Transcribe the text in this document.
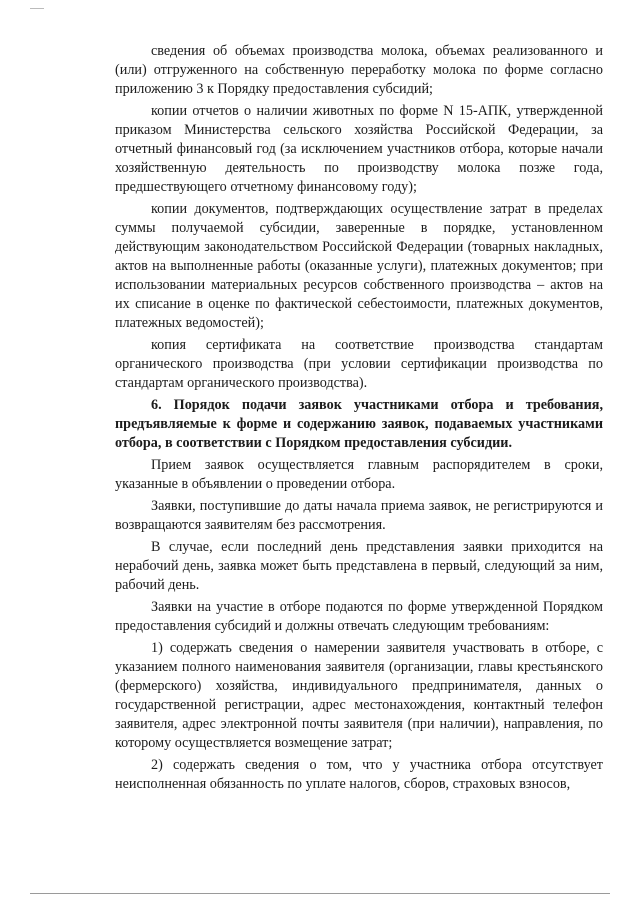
сведения об объемах производства молока, объемах реализованного и (или) отгруженного на собственную переработку молока по форме согласно приложению 3 к Порядку предоставления субсидий;

копии отчетов о наличии животных по форме N 15-АПК, утвержденной приказом Министерства сельского хозяйства Российской Федерации, за отчетный финансовый год (за исключением участников отбора, которые начали хозяйственную деятельность по производству молока позже года, предшествующего отчетному финансовому году);

копии документов, подтверждающих осуществление затрат в пределах суммы получаемой субсидии, заверенные в порядке, установленном действующим законодательством Российской Федерации (товарных накладных, актов на выполненные работы (оказанные услуги), платежных документов; при использовании материальных ресурсов собственного производства – актов на их списание в оценке по фактической себестоимости, платежных документов, платежных ведомостей);

копия сертификата на соответствие производства стандартам органического производства (при условии сертификации производства по стандартам органического производства).

6. Порядок подачи заявок участниками отбора и требования, предъявляемые к форме и содержанию заявок, подаваемых участниками отбора, в соответствии с Порядком предоставления субсидии.

Прием заявок осуществляется главным распорядителем в сроки, указанные в объявлении о проведении отбора.

Заявки, поступившие до даты начала приема заявок, не регистрируются и возвращаются заявителям без рассмотрения.

В случае, если последний день представления заявки приходится на нерабочий день, заявка может быть представлена в первый, следующий за ним, рабочий день.

Заявки на участие в отборе подаются по форме утвержденной Порядком предоставления субсидий и должны отвечать следующим требованиям:

1) содержать сведения о намерении заявителя участвовать в отборе, с указанием полного наименования заявителя (организации, главы крестьянского (фермерского) хозяйства, индивидуального предпринимателя, данных о государственной регистрации, адрес местонахождения, контактный телефон заявителя, адрес электронной почты заявителя (при наличии), направления, по которому осуществляется возмещение затрат;

2) содержать сведения о том, что у участника отбора отсутствует неисполненная обязанность по уплате налогов, сборов, страховых взносов,
